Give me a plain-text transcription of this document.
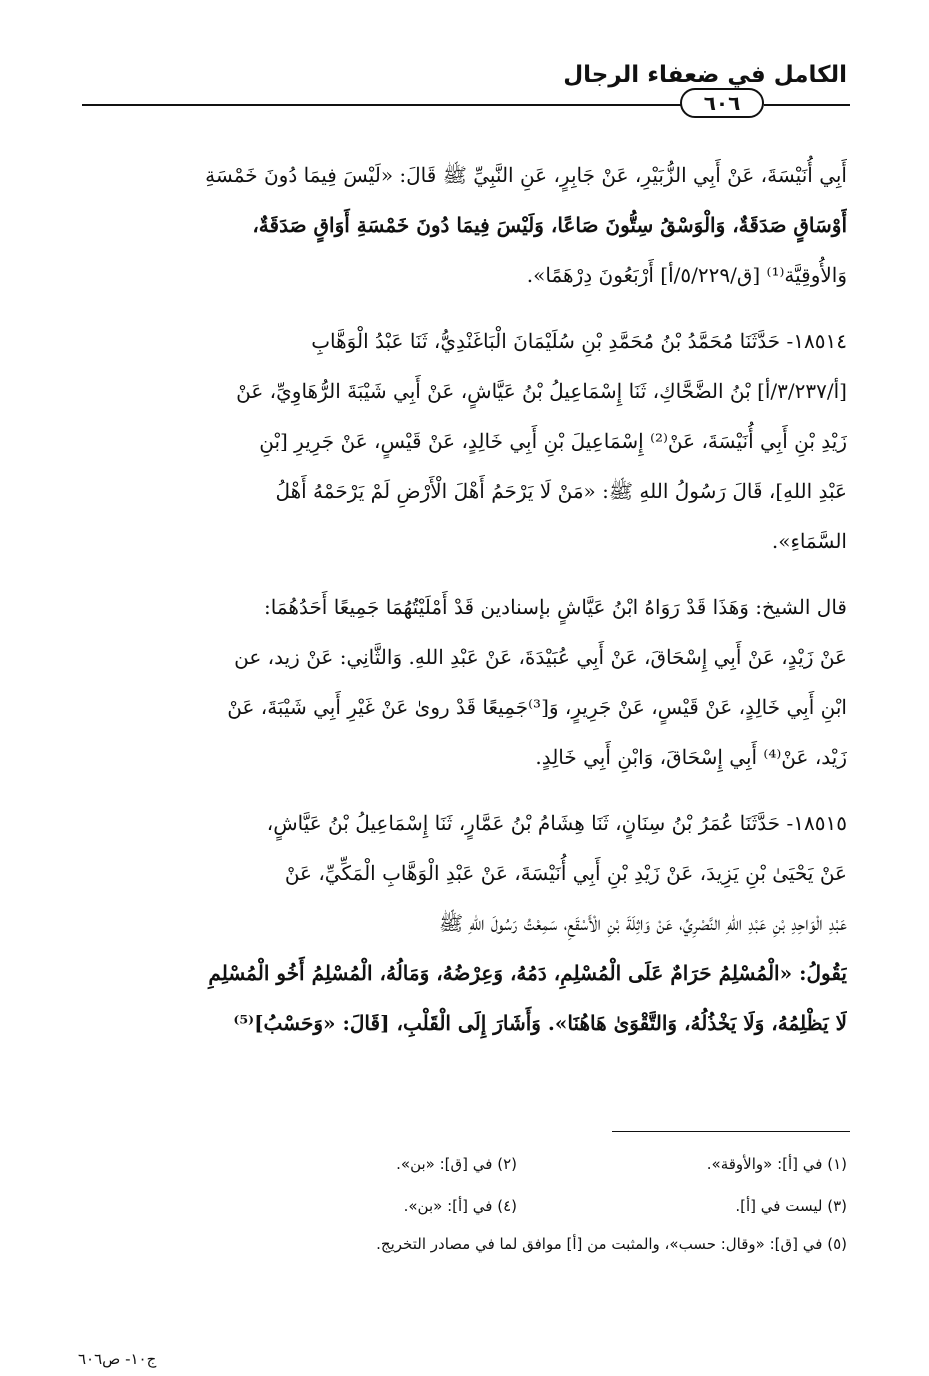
الكامل في ضعفاء الرجال
٦٠٦
أَبِي أُنَيْسَةَ، عَنْ أَبِي الزُّبَيْرِ، عَنْ جَابِرٍ، عَنِ النَّبِيِّ ﷺ قَالَ: «لَيْسَ فِيمَا دُونَ خَمْسَةِ
أَوْسَاقٍ صَدَقَةٌ، وَالْوَسْقُ سِتُّونَ صَاعًا، وَلَيْسَ فِيمَا دُونَ خَمْسَةِ أَوَاقٍ صَدَقَةٌ،
وَالأُوقِيَّة⁽¹⁾ [ق/٥/٢٢٩/أ] أَرْبَعُونَ دِرْهَمًا».
١٨٥١٤- حَدَّثَنَا مُحَمَّدُ بْنُ مُحَمَّدِ بْنِ سُلَيْمَانَ الْبَاغَنْدِيُّ، ثَنَا عَبْدُ الْوَهَّابِ
[أ/٣/٢٣٧/أ] بْنُ الضَّحَّاكِ، ثَنَا إِسْمَاعِيلُ بْنُ عَيَّاشٍ، عَنْ أَبِي شَيْبَةَ الرُّهَاوِيِّ، عَنْ
زَيْدِ بْنِ أَبِي أُنَيْسَةَ، عَنْ⁽²⁾ إِسْمَاعِيلَ بْنِ أَبِي خَالِدٍ، عَنْ قَيْسٍ، عَنْ جَرِيرِ [بْنِ
عَبْدِ اللهِ]، قَالَ رَسُولُ اللهِ ﷺ: «مَنْ لَا يَرْحَمُ أَهْلَ الْأَرْضِ لَمْ يَرْحَمْهُ أَهْلُ
السَّمَاءِ».
قال الشيخ: وَهَذَا قَدْ رَوَاهُ ابْنُ عَيَّاشٍ بإسنادين قَدْ أَمْلَيْتُهُمَا جَمِيعًا أَحَدُهُمَا:
عَنْ زَيْدٍ، عَنْ أَبِي إِسْحَاقَ، عَنْ أَبِي عُبَيْدَةَ، عَنْ عَبْدِ اللهِ. وَالثَّانِي: عَنْ زيد، عن
ابْنِ أَبِي خَالِدٍ، عَنْ قَيْسٍ، عَنْ جَرِيرٍ، وَ[³⁾جَمِيعًا قَدْ روىٰ عَنْ غَيْرِ أَبِي شَيْبَةَ، عَنْ
زَيْد، عَنْ⁽⁴⁾ أَبِي إِسْحَاقَ، وَابْنِ أَبِي خَالِدٍ.
١٨٥١٥- حَدَّثَنَا عُمَرُ بْنُ سِنَانٍ، ثَنَا هِشَامُ بْنُ عَمَّارٍ، ثَنَا إِسْمَاعِيلُ بْنُ عَيَّاشٍ،
عَنْ يَحْيَىٰ بْنِ يَزِيدَ، عَنْ زَيْدِ بْنِ أَبِي أُنَيْسَةَ، عَنْ عَبْدِ الْوَهَّابِ الْمَكِّيِّ، عَنْ
عَبْدِ الْوَاحِدِ بْنِ عَبْدِ اللهِ النَّصْرِيِّ، عَنْ وَاثِلَةَ بْنِ الْأَسْقَعِ، سَمِعْتُ رَسُولَ اللهِ ﷺ
يَقُولُ: «الْمُسْلِمُ حَرَامٌ عَلَى الْمُسْلِمِ، دَمُهُ، وَعِرْضُهُ، وَمَالُهُ، الْمُسْلِمُ أَخُو الْمُسْلِمِ
لَا يَظْلِمُهُ، وَلَا يَخْذُلُهُ، وَالتَّقْوَىٰ هَاهُنَا». وَأَشَارَ إِلَى الْقَلْبِ، [قَالَ: «وَحَسْبُ]⁽⁵⁾
(١) في [أ]: «والأوقة».
(٢) في [ق]: «بن».
(٣) ليست في [أ].
(٤) في [أ]: «بن».
(٥) في [ق]: «وقال: حسب»، والمثبت من [أ] موافق لما في مصادر التخريج.
ج١٠- ص٦٠٦
